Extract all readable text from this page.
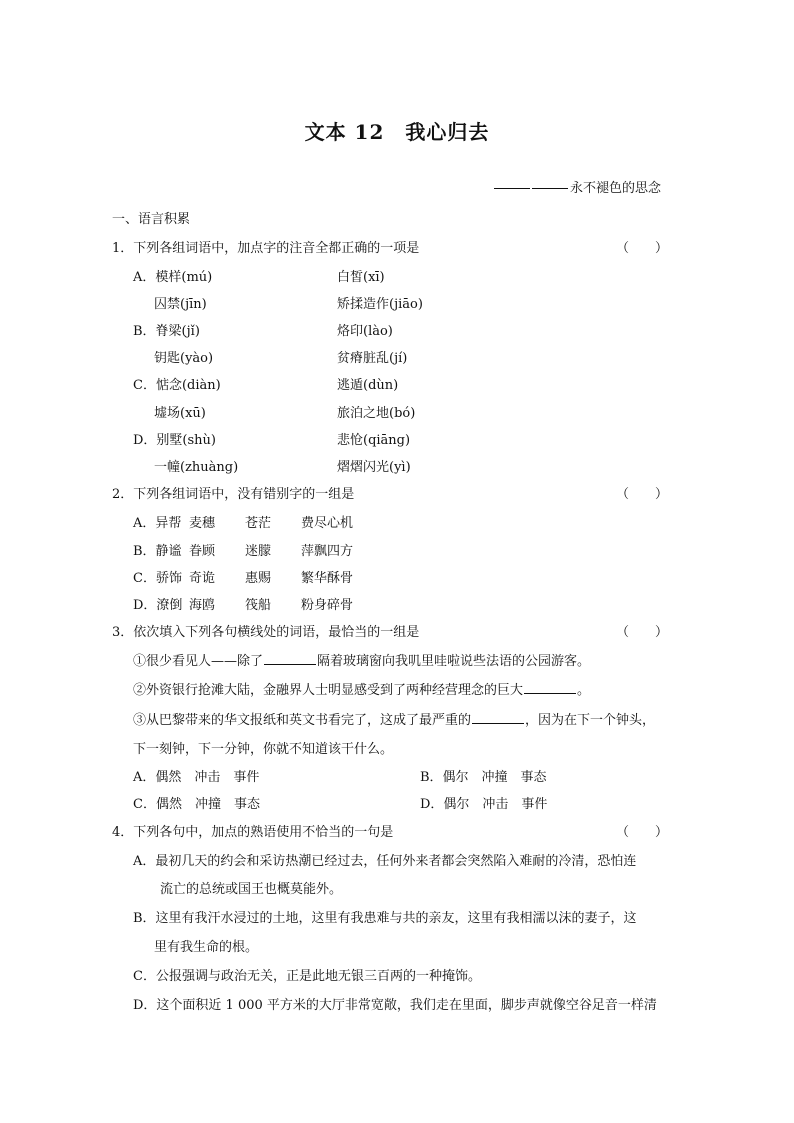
文本 12　我心归去
永不褪色的思念
一、语言积累
1．下列各组词语中，加点字的注音全都正确的一项是	（　　）
A．模样(mú)	白皙(xī)
囚禁(jīn)	矫揉造作(jiāo)
B．脊梁(jǐ)	烙印(lào)
钥匙(yào)	贫瘠脏乱(jí)
C．惦念(diàn)	逃遁(dùn)
墟场(xū)	旅泊之地(bó)
D．别墅(shù)	悲怆(qiāng)
一幢(zhuàng)	熠熠闪光(yì)
2．下列各组词语中，没有错别字的一组是	（　　）
A．异帮 麦穗 苍茫 费尽心机
B．静谧 眷顾 迷朦 萍飘四方
C．骄饰 奇诡 惠赐 繁华酥骨
D．潦倒 海鸥 筏船 粉身碎骨
3．依次填入下列各句横线处的词语，最恰当的一组是	（　　）
①很少看见人——除了	隔着玻璃窗向我叽里哇啦说些法语的公园游客。
②外资银行抢滩大陆，金融界人士明显感受到了两种经营理念的巨大	。
③从巴黎带来的华文报纸和英文书看完了，这成了最严重的	，因为在下一个钟头，
下一刻钟，下一分钟，你就不知道该干什么。
A．偶然　冲击　事件	B．偶尔　冲撞　事态
C．偶然　冲撞　事态	D．偶尔　冲击　事件
4．下列各句中，加点的熟语使用不恰当的一句是	（　　）
A．最初几天的约会和采访热潮已经过去，任何外来者都会突然陷入难耐的冷清，恐怕连
流亡的总统或国王也概莫能外。
B．这里有我汗水浸过的土地，这里有我患难与共的亲友，这里有我相濡以沫的妻子，这
里有我生命的根。
C．公报强调与政治无关，正是此地无银三百两的一种掩饰。
D．这个面积近 1 000 平方米的大厅非常宽敞，我们走在里面，脚步声就像空谷足音一样清
